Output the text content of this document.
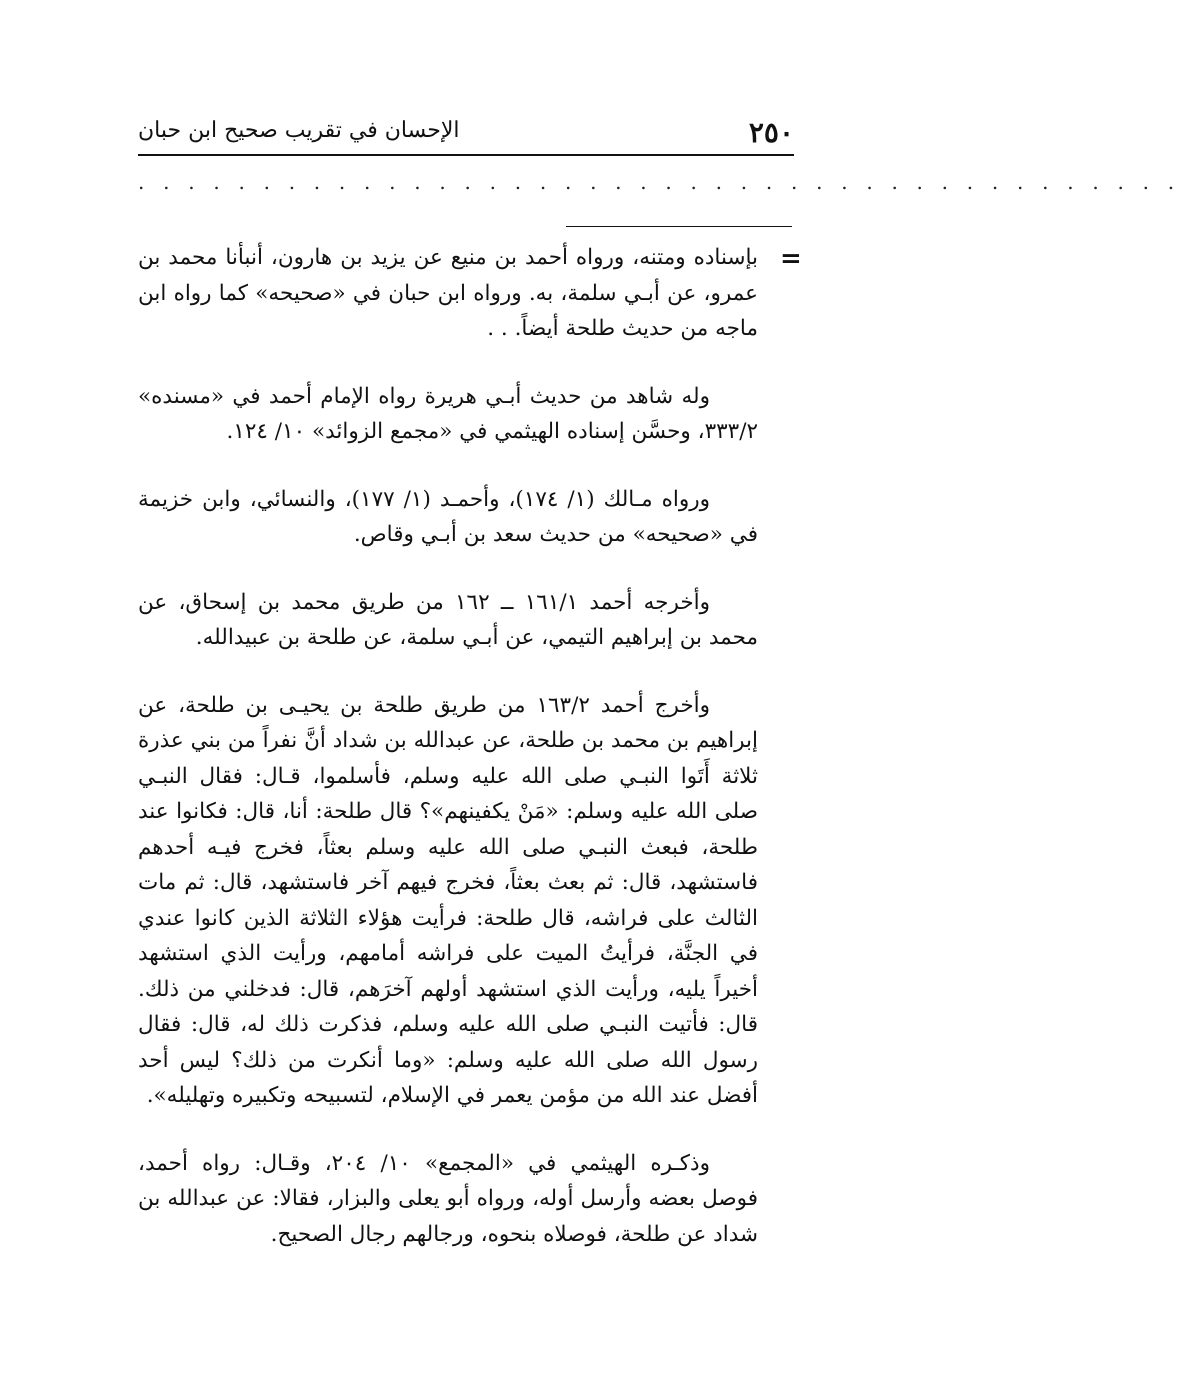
٢٥٠
الإحسان في تقريب صحيح ابن حبان
. . . . . . . . . . . . . . . . . . . . . . . . . . . . . . . . . . . . . . . . . .
=

بإسناده ومتنه، ورواه أحمد بن منيع عن يزيد بن هارون، أنبأنا محمد بن عمرو، عن أبـي سلمة، به. ورواه ابن حبان في «صحيحه» كما رواه ابن ماجه من حديث طلحة أيضاً. . .

وله شاهد من حديث أبـي هريرة رواه الإمام أحمد في «مسنده» ٣٣٣/٢، وحسَّن إسناده الهيثمي في «مجمع الزوائد» ١٠/ ١٢٤.

ورواه مـالك (١/ ١٧٤)، وأحمـد (١/ ١٧٧)، والنسائي، وابن خزيمة في «صحيحه» من حديث سعد بن أبـي وقاص.

وأخرجه أحمد ١٦١/١ ــ ١٦٢ من طريق محمد بن إسحاق، عن محمد بن إبراهيم التيمي، عن أبـي سلمة، عن طلحة بن عبيدالله.

وأخرج أحمد ١٦٣/٢ من طريق طلحة بن يحيـى بن طلحة، عن إبراهيم بن محمد بن طلحة، عن عبدالله بن شداد أنَّ نفراً من بني عذرة ثلاثة أَتَوا النبـي صلى الله عليه وسلم، فأسلموا، قـال: فقال النبـي صلى الله عليه وسلم: «مَنْ يكفينهم»؟ قال طلحة: أنا، قال: فكانوا عند طلحة، فبعث النبـي صلى الله عليه وسلم بعثاً، فخرج فيـه أحدهم فاستشهد، قال: ثم بعث بعثاً، فخرج فيهم آخر فاستشهد، قال: ثم مات الثالث على فراشه، قال طلحة: فرأيت هؤلاء الثلاثة الذين كانوا عندي في الجنَّة، فرأيتُ الميت على فراشه أمامهم، ورأيت الذي استشهد أخيراً يليه، ورأيت الذي استشهد أولهم آخرَهم، قال: فدخلني من ذلك. قال: فأتيت النبـي صلى الله عليه وسلم، فذكرت ذلك له، قال: فقال رسول الله صلى الله عليه وسلم: «وما أنكرت من ذلك؟ ليس أحد أفضل عند الله من مؤمن يعمر في الإسلام، لتسبيحه وتكبيره وتهليله».

وذكـره الهيثمي في «المجمع» ١٠/ ٢٠٤، وقـال: رواه أحمد، فوصل بعضه وأرسل أوله، ورواه أبو يعلى والبزار، فقالا: عن عبدالله بن شداد عن طلحة، فوصلاه بنحوه، ورجالهم رجال الصحيح.
